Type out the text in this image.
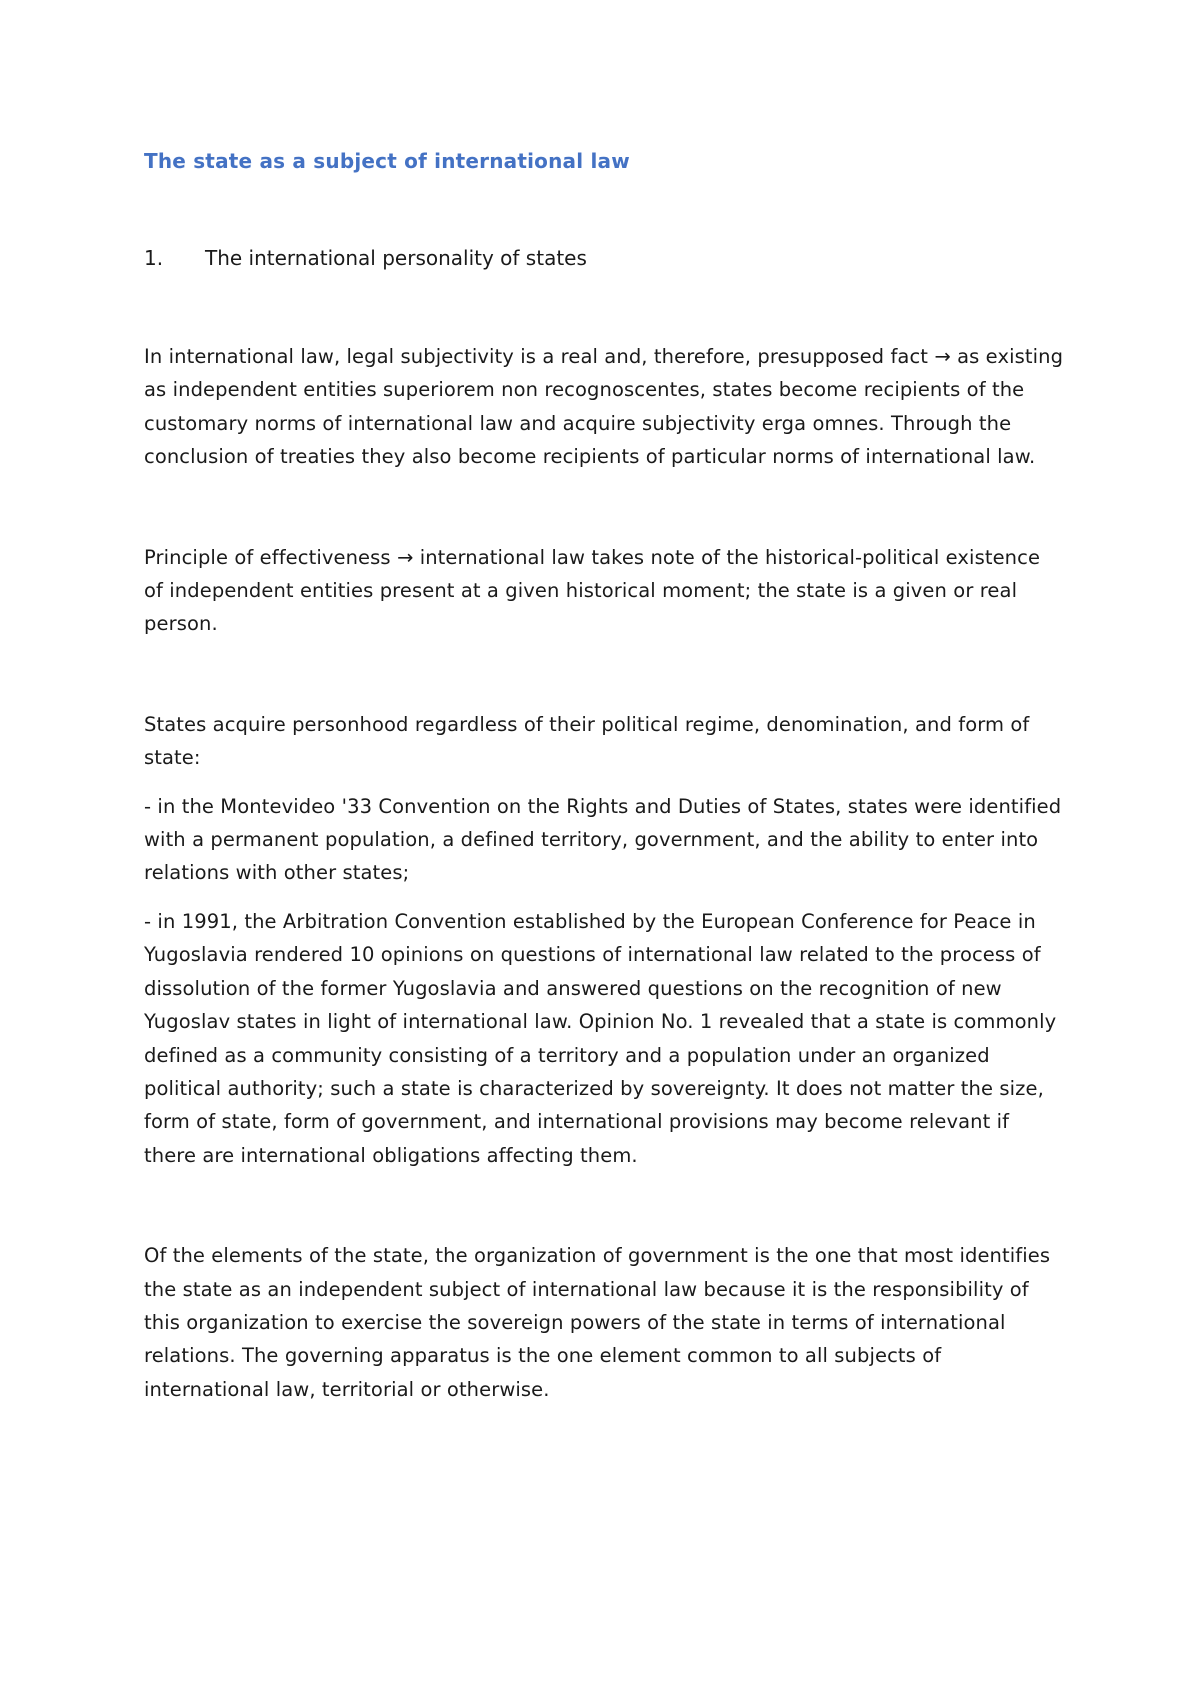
The state as a subject of international law
1.	The international personality of states

In international law, legal subjectivity is a real and, therefore, presupposed fact → as existing as independent entities superiorem non recognoscentes, states become recipients of the customary norms of international law and acquire subjectivity erga omnes. Through the conclusion of treaties they also become recipients of particular norms of international law.

Principle of effectiveness → international law takes note of the historical-political existence of independent entities present at a given historical moment; the state is a given or real person.

States acquire personhood regardless of their political regime, denomination, and form of state:

- in the Montevideo '33 Convention on the Rights and Duties of States, states were identified with a permanent population, a defined territory, government, and the ability to enter into relations with other states;

- in 1991, the Arbitration Convention established by the European Conference for Peace in Yugoslavia rendered 10 opinions on questions of international law related to the process of dissolution of the former Yugoslavia and answered questions on the recognition of new Yugoslav states in light of international law. Opinion No. 1 revealed that a state is commonly defined as a community consisting of a territory and a population under an organized political authority; such a state is characterized by sovereignty. It does not matter the size, form of state, form of government, and international provisions may become relevant if there are international obligations affecting them.

Of the elements of the state, the organization of government is the one that most identifies the state as an independent subject of international law because it is the responsibility of this organization to exercise the sovereign powers of the state in terms of international relations. The governing apparatus is the one element common to all subjects of international law, territorial or otherwise.
